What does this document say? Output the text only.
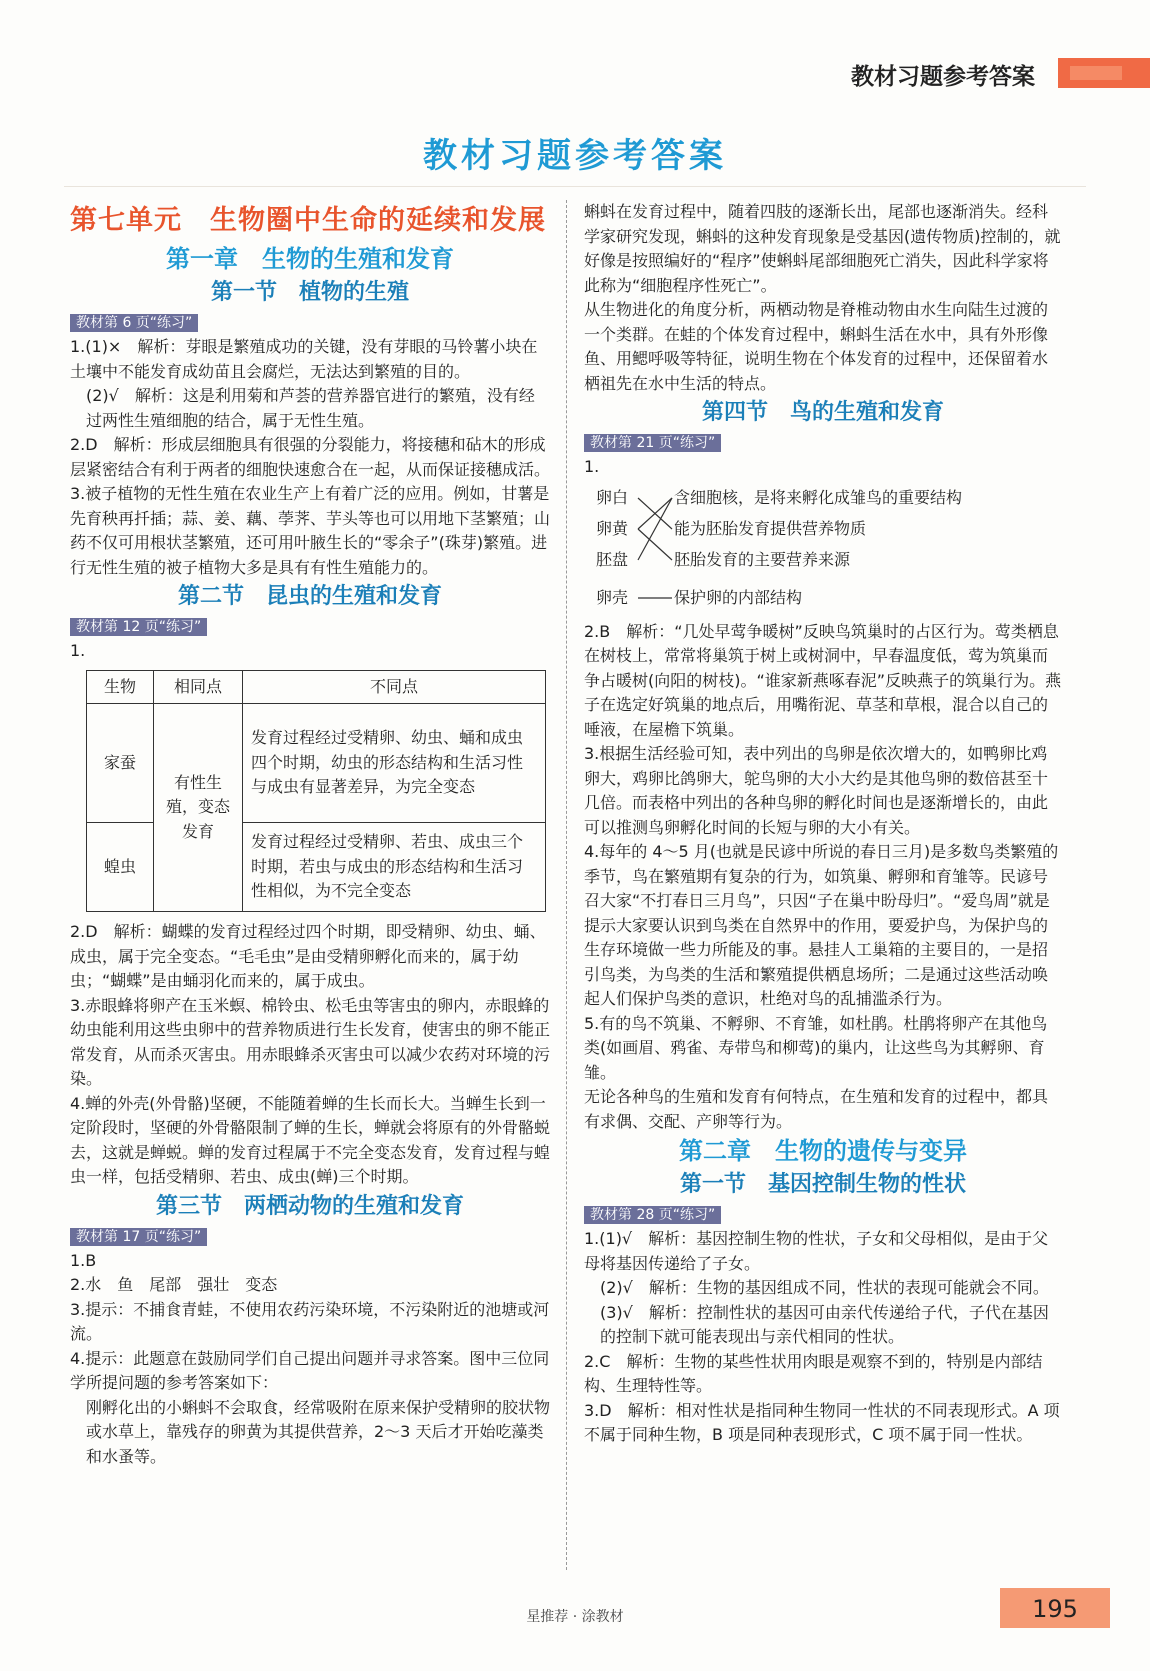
教材习题参考答案
教材习题参考答案
第七单元　生物圈中生命的延续和发展
第一章　生物的生殖和发育
第一节　植物的生殖
教材第 6 页“练习”
1.(1)×　解析：芽眼是繁殖成功的关键，没有芽眼的马铃薯小块在土壤中不能发育成幼苗且会腐烂，无法达到繁殖的目的。
(2)√　解析：这是利用菊和芦荟的营养器官进行的繁殖，没有经过两性生殖细胞的结合，属于无性生殖。
2.D　解析：形成层细胞具有很强的分裂能力，将接穗和砧木的形成层紧密结合有利于两者的细胞快速愈合在一起，从而保证接穗成活。
3.被子植物的无性生殖在农业生产上有着广泛的应用。例如，甘薯是先育秧再扦插；蒜、姜、藕、荸荠、芋头等也可以用地下茎繁殖；山药不仅可用根状茎繁殖，还可用叶腋生长的“零余子”(珠芽)繁殖。进行无性生殖的被子植物大多是具有有性生殖能力的。
第二节　昆虫的生殖和发育
教材第 12 页“练习”
1.
生物	相同点	不同点
家蚕	有性生殖，变态发育	发育过程经过受精卵、幼虫、蛹和成虫四个时期，幼虫的形态结构和生活习性与成虫有显著差异，为完全变态
蝗虫		发育过程经过受精卵、若虫、成虫三个时期，若虫与成虫的形态结构和生活习性相似，为不完全变态
2.D　解析：蝴蝶的发育过程经过四个时期，即受精卵、幼虫、蛹、成虫，属于完全变态。“毛毛虫”是由受精卵孵化而来的，属于幼虫；“蝴蝶”是由蛹羽化而来的，属于成虫。
3.赤眼蜂将卵产在玉米螟、棉铃虫、松毛虫等害虫的卵内，赤眼蜂的幼虫能利用这些虫卵中的营养物质进行生长发育，使害虫的卵不能正常发育，从而杀灭害虫。用赤眼蜂杀灭害虫可以减少农药对环境的污染。
4.蝉的外壳(外骨骼)坚硬，不能随着蝉的生长而长大。当蝉生长到一定阶段时，坚硬的外骨骼限制了蝉的生长，蝉就会将原有的外骨骼蜕去，这就是蝉蜕。蝉的发育过程属于不完全变态发育，发育过程与蝗虫一样，包括受精卵、若虫、成虫(蝉)三个时期。
第三节　两栖动物的生殖和发育
教材第 17 页“练习”
1.B
2.水　鱼　尾部　强壮　变态
3.提示：不捕食青蛙，不使用农药污染环境，不污染附近的池塘或河流。
4.提示：此题意在鼓励同学们自己提出问题并寻求答案。图中三位同学所提问题的参考答案如下：
刚孵化出的小蝌蚪不会取食，经常吸附在原来保护受精卵的胶状物或水草上，靠残存的卵黄为其提供营养，2～3 天后才开始吃藻类和水蚤等。
蝌蚪在发育过程中，随着四肢的逐渐长出，尾部也逐渐消失。经科学家研究发现，蝌蚪的这种发育现象是受基因(遗传物质)控制的，就好像是按照编好的“程序”使蝌蚪尾部细胞死亡消失，因此科学家将此称为“细胞程序性死亡”。
从生物进化的角度分析，两栖动物是脊椎动物由水生向陆生过渡的一个类群。在蛙的个体发育过程中，蝌蚪生活在水中，具有外形像鱼、用鳃呼吸等特征，说明生物在个体发育的过程中，还保留着水栖祖先在水中生活的特点。
第四节　鸟的生殖和发育
教材第 21 页“练习”
1.
卵白	含细胞核，是将来孵化成雏鸟的重要结构
卵黄	能为胚胎发育提供营养物质
胚盘	胚胎发育的主要营养来源
卵壳	保护卵的内部结构
2.B　解析：“几处早莺争暖树”反映鸟筑巢时的占区行为。莺类栖息在树枝上，常常将巢筑于树上或树洞中，早春温度低，莺为筑巢而争占暖树(向阳的树枝)。“谁家新燕啄春泥”反映燕子的筑巢行为。燕子在选定好筑巢的地点后，用嘴衔泥、草茎和草根，混合以自己的唾液，在屋檐下筑巢。
3.根据生活经验可知，表中列出的鸟卵是依次增大的，如鸭卵比鸡卵大，鸡卵比鸽卵大，鸵鸟卵的大小大约是其他鸟卵的数倍甚至十几倍。而表格中列出的各种鸟卵的孵化时间也是逐渐增长的，由此可以推测鸟卵孵化时间的长短与卵的大小有关。
4.每年的 4～5 月(也就是民谚中所说的春日三月)是多数鸟类繁殖的季节，鸟在繁殖期有复杂的行为，如筑巢、孵卵和育雏等。民谚号召大家“不打春日三月鸟”，只因“子在巢中盼母归”。“爱鸟周”就是提示大家要认识到鸟类在自然界中的作用，要爱护鸟，为保护鸟的生存环境做一些力所能及的事。悬挂人工巢箱的主要目的，一是招引鸟类，为鸟类的生活和繁殖提供栖息场所；二是通过这些活动唤起人们保护鸟类的意识，杜绝对鸟的乱捕滥杀行为。
5.有的鸟不筑巢、不孵卵、不育雏，如杜鹃。杜鹃将卵产在其他鸟类(如画眉、鸦雀、寿带鸟和柳莺)的巢内，让这些鸟为其孵卵、育雏。
无论各种鸟的生殖和发育有何特点，在生殖和发育的过程中，都具有求偶、交配、产卵等行为。
第二章　生物的遗传与变异
第一节　基因控制生物的性状
教材第 28 页“练习”
1.(1)√　解析：基因控制生物的性状，子女和父母相似，是由于父母将基因传递给了子女。
(2)√　解析：生物的基因组成不同，性状的表现可能就会不同。
(3)√　解析：控制性状的基因可由亲代传递给子代，子代在基因的控制下就可能表现出与亲代相同的性状。
2.C　解析：生物的某些性状用肉眼是观察不到的，特别是内部结构、生理特性等。
3.D　解析：相对性状是指同种生物同一性状的不同表现形式。A 项不属于同种生物，B 项是同种表现形式，C 项不属于同一性状。
星推荐 · 涂教材	195
